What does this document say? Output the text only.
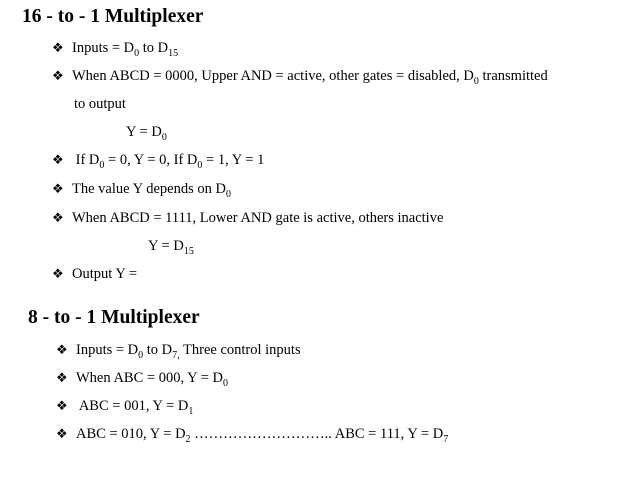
16 - to - 1 Multiplexer
❖ Inputs = $D_0$ to $D_{15}$
❖ When ABCD = 0000, Upper AND = active, other gates = disabled, $D_0$ transmitted
to output
$Y = D_0$
❖ If $D_0 = 0$, Y = 0, If $D_0 = 1$, Y = 1
❖ The value Y depends on $D_0$
❖ When ABCD = 1111, Lower AND gate is active, others inactive
$Y = D_{15}$
❖ Output Y =
8 - to - 1 Multiplexer
❖ Inputs = $D_0$ to $D_{7,}$ Three control inputs
❖ When ABC = 000, $Y = D_0$
❖ ABC = 001, $Y = D_1$
❖ ABC = 010, $Y = D_2$ ……………………….. ABC = 111, $Y = D_7$
